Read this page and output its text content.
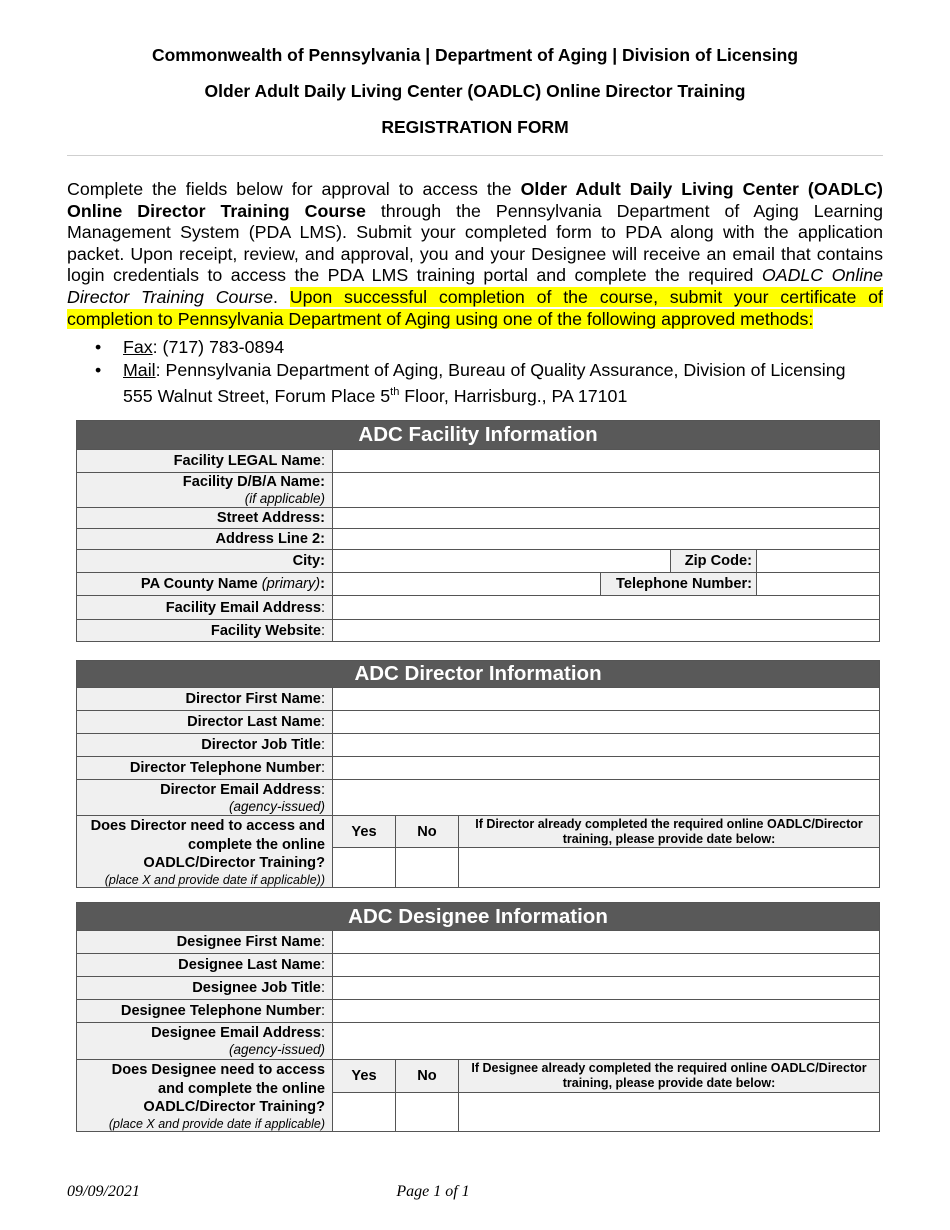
Commonwealth of Pennsylvania | Department of Aging | Division of Licensing
Older Adult Daily Living Center (OADLC) Online Director Training
REGISTRATION FORM
Complete the fields below for approval to access the Older Adult Daily Living Center (OADLC) Online Director Training Course through the Pennsylvania Department of Aging Learning Management System (PDA LMS). Submit your completed form to PDA along with the application packet. Upon receipt, review, and approval, you and your Designee will receive an email that contains login credentials to access the PDA LMS training portal and complete the required OADLC Online Director Training Course. Upon successful completion of the course, submit your certificate of completion to Pennsylvania Department of Aging using one of the following approved methods:
• Fax: (717) 783-0894
• Mail: Pennsylvania Department of Aging, Bureau of Quality Assurance, Division of Licensing
555 Walnut Street, Forum Place 5th Floor, Harrisburg., PA 17101
ADC Facility Information				
Facility LEGAL Name:				
Facility D/B/A Name:
(if applicable)				

Street Address:				
Address Line 2:				
City:			Zip Code:	
PA County Name (primary):		Telephone Number:		
Facility Email Address:				
Facility Website:				
ADC Director Information			
Director First Name:			
Director Last Name:			
Director Job Title:			
Director Telephone Number:			
Director Email Address:
(agency-issued)			

Does Director need to access and complete the online OADLC/Director Training?
(place X and provide date if applicable))	Yes	No	If Director already completed the required online OADLC/Director training, please provide date below:

ADC Designee Information			
Designee First Name:			
Designee Last Name:			
Designee Job Title:			
Designee Telephone Number:			
Designee Email Address:
(agency-issued)			

Does Designee need to access and complete the online OADLC/Director Training?
(place X and provide date if applicable)	Yes	No	If Designee already completed the required online OADLC/Director training, please provide date below:

09/09/2021	Page 1 of 1
